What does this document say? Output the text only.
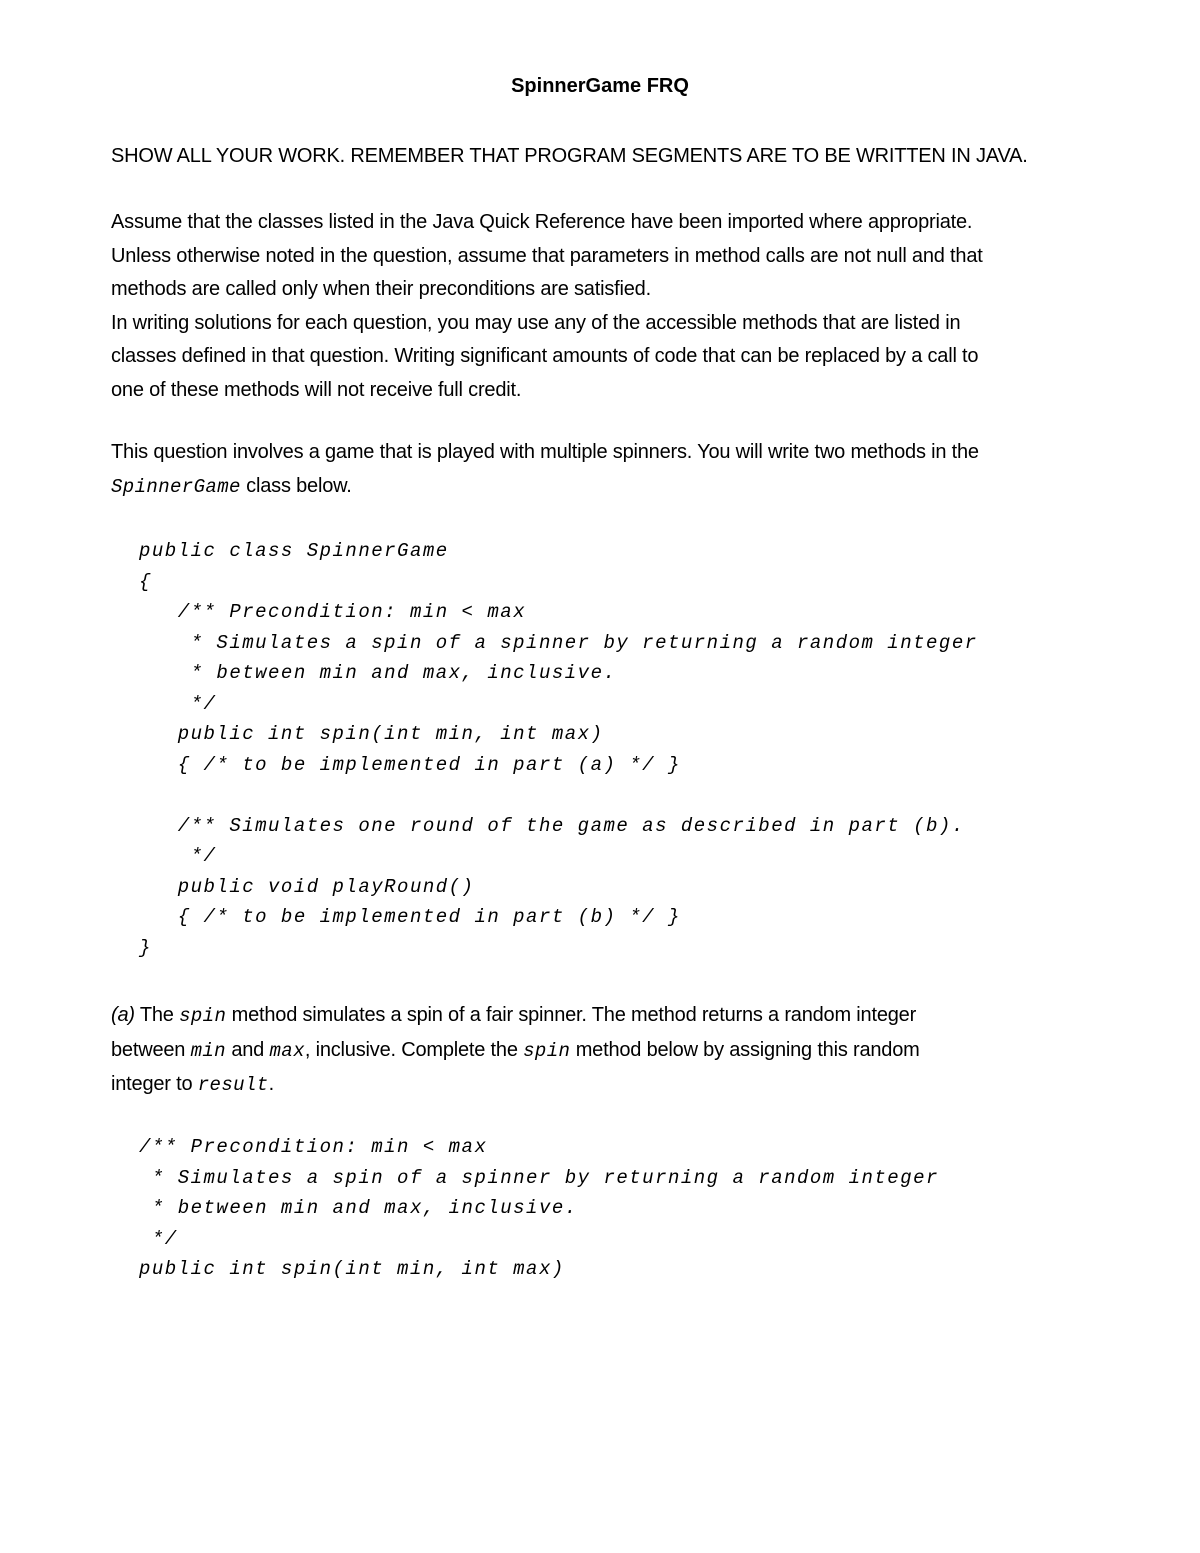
SpinnerGame FRQ
SHOW ALL YOUR WORK. REMEMBER THAT PROGRAM SEGMENTS ARE TO BE WRITTEN IN JAVA.
Assume that the classes listed in the Java Quick Reference have been imported where appropriate.
Unless otherwise noted in the question, assume that parameters in method calls are not null and that
methods are called only when their preconditions are satisfied.
In writing solutions for each question, you may use any of the accessible methods that are listed in
classes defined in that question. Writing significant amounts of code that can be replaced by a call to
one of these methods will not receive full credit.
This question involves a game that is played with multiple spinners. You will write two methods in the
SpinnerGame class below.
public class SpinnerGame
{
/** Precondition: min < max
* Simulates a spin of a spinner by returning a random integer
* between min and max, inclusive.
*/
public int spin(int min, int max)
{ /* to be implemented in part (a) */ }
/** Simulates one round of the game as described in part (b).
*/
public void playRound()
{ /* to be implemented in part (b) */ }
}
(a) The spin method simulates a spin of a fair spinner. The method returns a random integer
between min and max, inclusive. Complete the spin method below by assigning this random
integer to result.
/** Precondition: min < max
* Simulates a spin of a spinner by returning a random integer
* between min and max, inclusive.
*/
public int spin(int min, int max)
